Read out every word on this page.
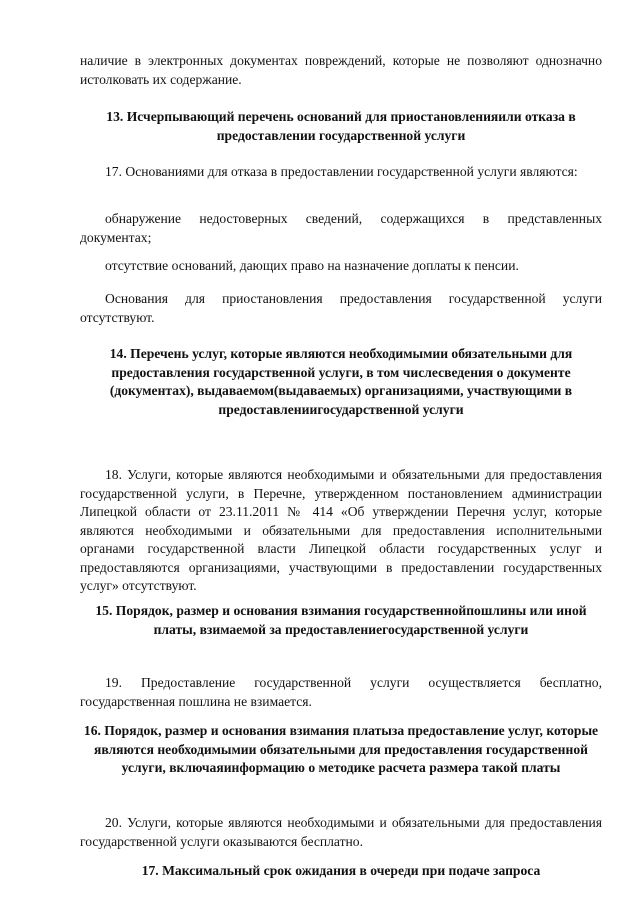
наличие в электронных документах повреждений, которые не позволяют однозначно истолковать их содержание.

13. Исчерпывающий перечень оснований для приостановленияили отказа в предоставлении государственной услуги

17. Основаниями для отказа в предоставлении государственной услуги являются:

обнаружение недостоверных сведений, содержащихся в представленных документах;

отсутствие оснований, дающих право на назначение доплаты к пенсии.

Основания для приостановления предоставления государственной услуги отсутствуют.

14. Перечень услуг, которые являются необходимымии обязательными для предоставления государственной услуги, в том числесведения о документе (документах), выдаваемом(выдаваемых) организациями, участвующими в предоставлениигосударственной услуги

18. Услуги, которые являются необходимыми и обязательными для предоставления государственной услуги, в Перечне, утвержденном постановлением администрации Липецкой области от 23.11.2011 № 414 «Об утверждении Перечня услуг, которые являются необходимыми и обязательными для предоставления исполнительными органами государственной власти Липецкой области государственных услуг и предоставляются организациями, участвующими в предоставлении государственных услуг» отсутствуют.

15. Порядок, размер и основания взимания государственнойпошлины или иной платы, взимаемой за предоставлениегосударственной услуги

19. Предоставление государственной услуги осуществляется бесплатно, государственная пошлина не взимается.

16. Порядок, размер и основания взимания платыза предоставление услуг, которые являются необходимымии обязательными для предоставления государственной услуги, включаяинформацию о методике расчета размера такой платы

20. Услуги, которые являются необходимыми и обязательными для предоставления государственной услуги оказываются бесплатно.

17. Максимальный срок ожидания в очереди при подаче запроса
